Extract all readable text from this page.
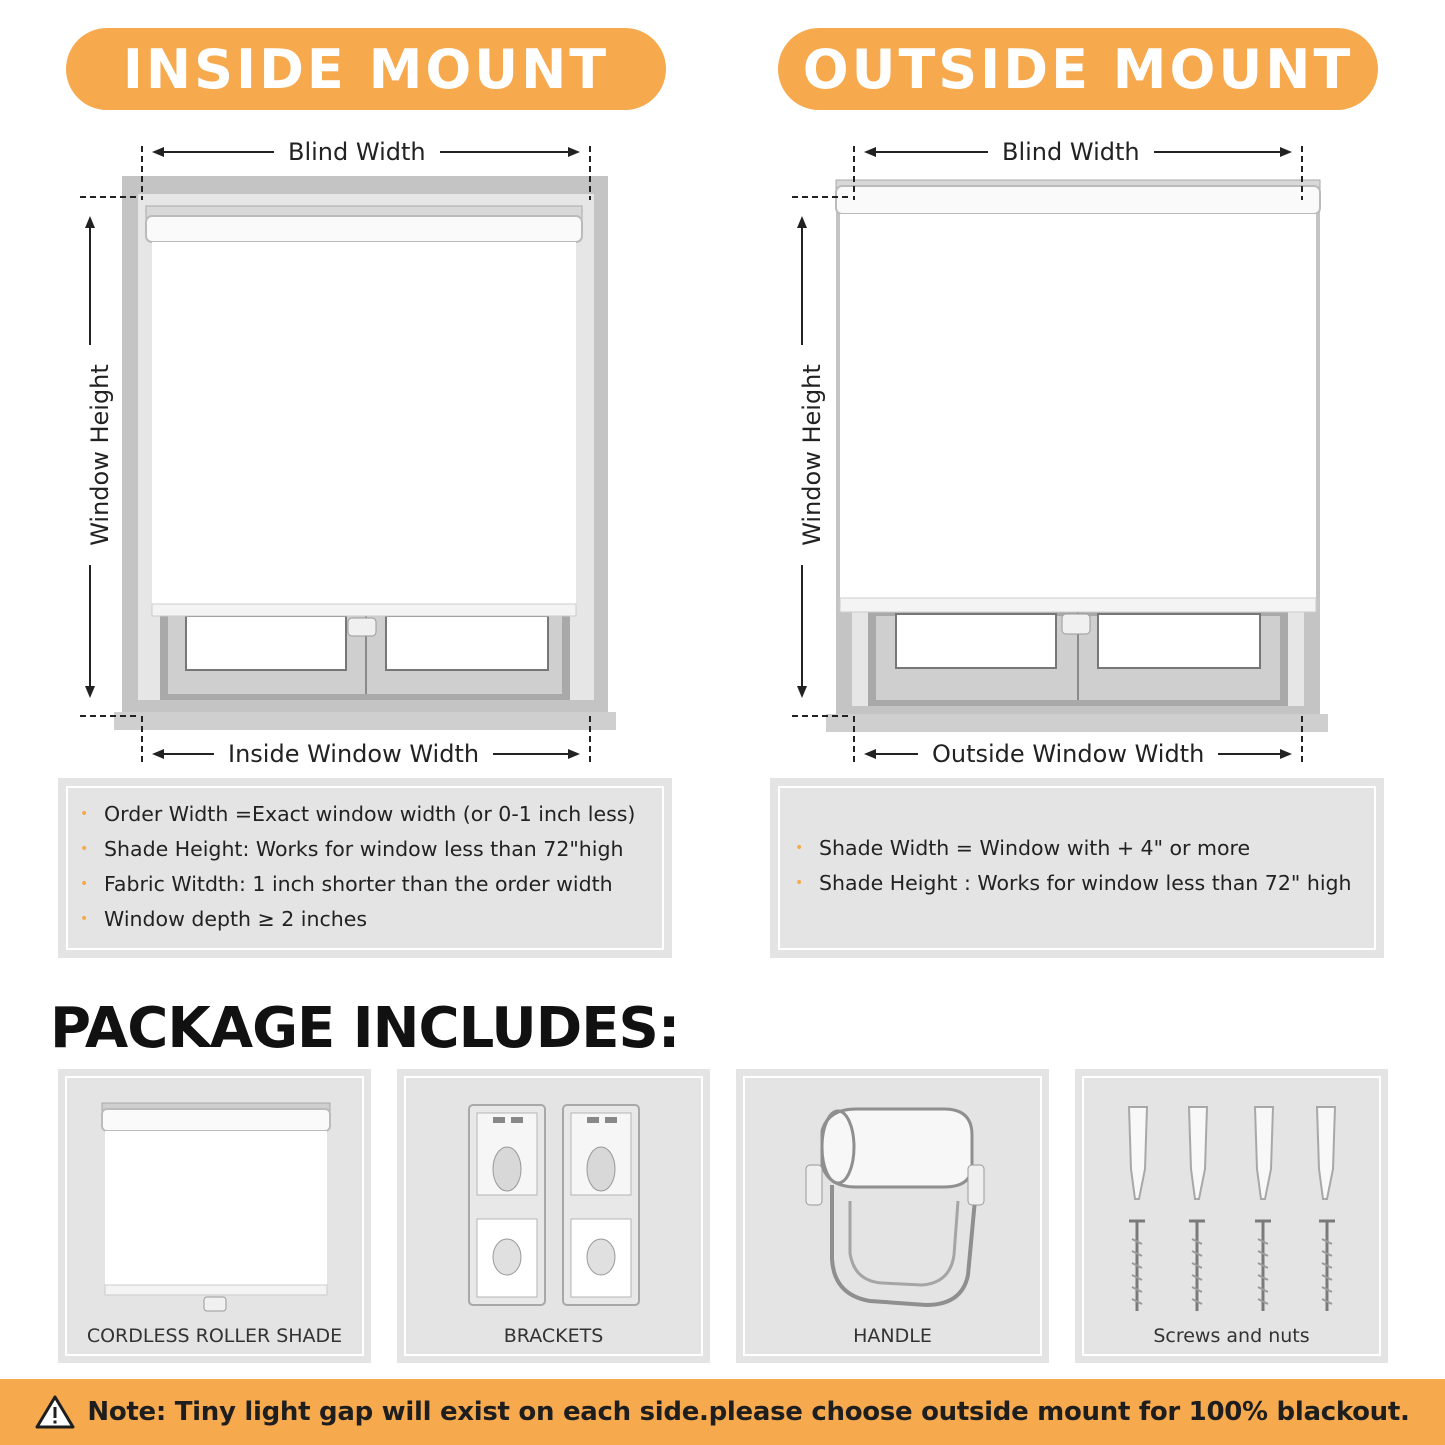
INSIDE MOUNT	OUTSIDE MOUNT
Blind Width
Window Height
Inside Window Width
Blind Width
Window Height
Outside Window Width
• Order Width =Exact window width (or 0-1 inch less)
• Shade Height: Works for window less than 72"high
• Fabric Witdth: 1 inch shorter than the order width
• Window depth ≥ 2 inches
• Shade Width = Window with + 4" or more
• Shade Height : Works for window less than 72" high
PACKAGE INCLUDES:
CORDLESS ROLLER SHADE	BRACKETS	HANDLE	Screws and nuts
Note: Tiny light gap will exist on each side.please choose outside mount for 100% blackout.
